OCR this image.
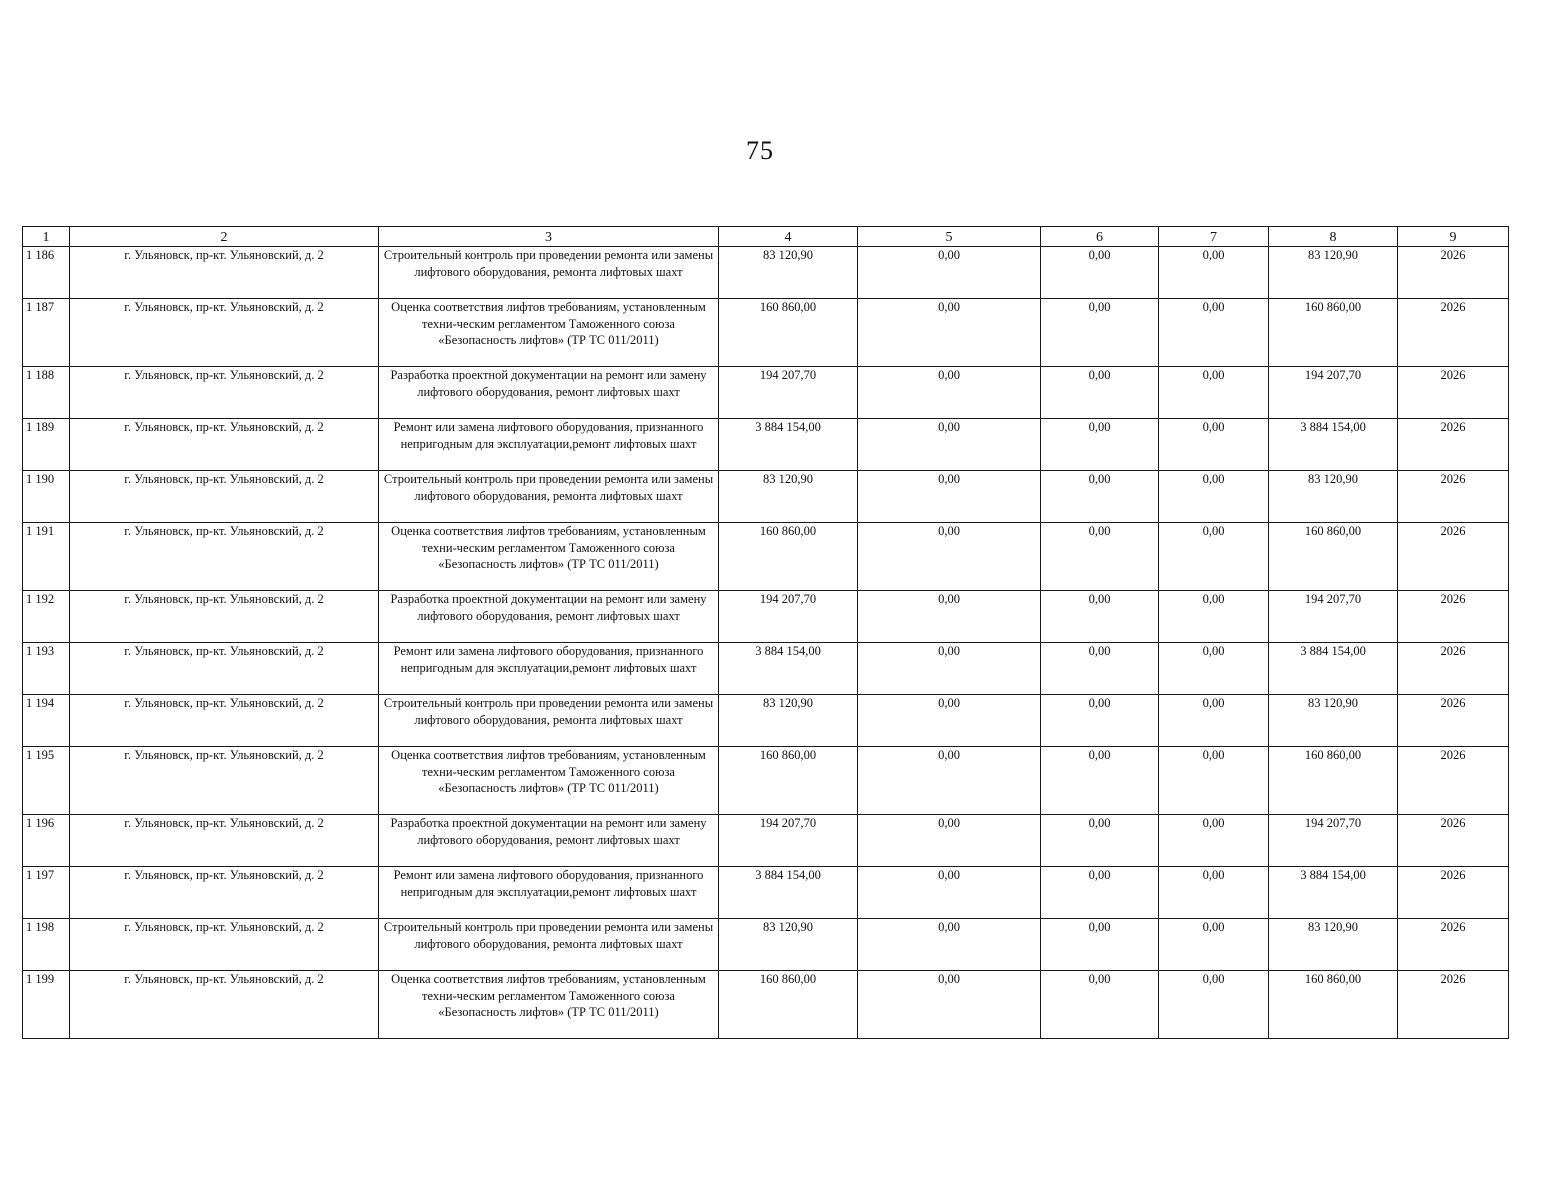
75
1	2	3	4	5	6	7	8	9
1 186	г. Ульяновск, пр-кт. Ульяновский, д. 2	Строительный контроль при проведении ремонта или замены лифтового оборудования, ремонта лифтовых шахт	83 120,90	0,00	0,00	0,00	83 120,90	2026
1 187	г. Ульяновск, пр-кт. Ульяновский, д. 2	Оценка соответствия лифтов требованиям, установленным техни-ческим регламентом Таможенного союза «Безопасность лифтов» (ТР ТС 011/2011)	160 860,00	0,00	0,00	0,00	160 860,00	2026
1 188	г. Ульяновск, пр-кт. Ульяновский, д. 2	Разработка проектной документации на ремонт или замену лифтового оборудования, ремонт лифтовых шахт	194 207,70	0,00	0,00	0,00	194 207,70	2026
1 189	г. Ульяновск, пр-кт. Ульяновский, д. 2	Ремонт или замена лифтового оборудования, признанного непригодным для эксплуатации,ремонт лифтовых шахт	3 884 154,00	0,00	0,00	0,00	3 884 154,00	2026
1 190	г. Ульяновск, пр-кт. Ульяновский, д. 2	Строительный контроль при проведении ремонта или замены лифтового оборудования, ремонта лифтовых шахт	83 120,90	0,00	0,00	0,00	83 120,90	2026
1 191	г. Ульяновск, пр-кт. Ульяновский, д. 2	Оценка соответствия лифтов требованиям, установленным техни-ческим регламентом Таможенного союза «Безопасность лифтов» (ТР ТС 011/2011)	160 860,00	0,00	0,00	0,00	160 860,00	2026
1 192	г. Ульяновск, пр-кт. Ульяновский, д. 2	Разработка проектной документации на ремонт или замену лифтового оборудования, ремонт лифтовых шахт	194 207,70	0,00	0,00	0,00	194 207,70	2026
1 193	г. Ульяновск, пр-кт. Ульяновский, д. 2	Ремонт или замена лифтового оборудования, признанного непригодным для эксплуатации,ремонт лифтовых шахт	3 884 154,00	0,00	0,00	0,00	3 884 154,00	2026
1 194	г. Ульяновск, пр-кт. Ульяновский, д. 2	Строительный контроль при проведении ремонта или замены лифтового оборудования, ремонта лифтовых шахт	83 120,90	0,00	0,00	0,00	83 120,90	2026
1 195	г. Ульяновск, пр-кт. Ульяновский, д. 2	Оценка соответствия лифтов требованиям, установленным техни-ческим регламентом Таможенного союза «Безопасность лифтов» (ТР ТС 011/2011)	160 860,00	0,00	0,00	0,00	160 860,00	2026
1 196	г. Ульяновск, пр-кт. Ульяновский, д. 2	Разработка проектной документации на ремонт или замену лифтового оборудования, ремонт лифтовых шахт	194 207,70	0,00	0,00	0,00	194 207,70	2026
1 197	г. Ульяновск, пр-кт. Ульяновский, д. 2	Ремонт или замена лифтового оборудования, признанного непригодным для эксплуатации,ремонт лифтовых шахт	3 884 154,00	0,00	0,00	0,00	3 884 154,00	2026
1 198	г. Ульяновск, пр-кт. Ульяновский, д. 2	Строительный контроль при проведении ремонта или замены лифтового оборудования, ремонта лифтовых шахт	83 120,90	0,00	0,00	0,00	83 120,90	2026
1 199	г. Ульяновск, пр-кт. Ульяновский, д. 2	Оценка соответствия лифтов требованиям, установленным техни-ческим регламентом Таможенного союза «Безопасность лифтов» (ТР ТС 011/2011)	160 860,00	0,00	0,00	0,00	160 860,00	2026
